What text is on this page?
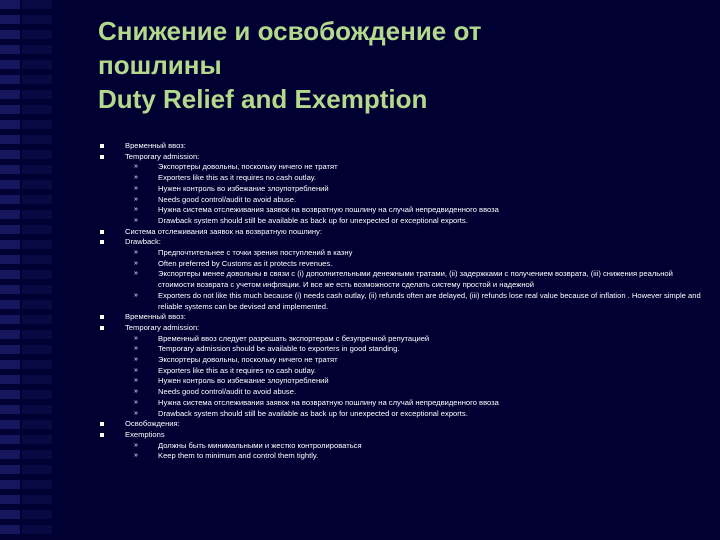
Снижение и освобождение от
пошлины
Duty Relief and Exemption
Временный ввоз:
Temporary admission:
»	Экспортеры довольны, поскольку ничего не тратят
»	Exporters like this as it requires no cash outlay.
»	Нужен контроль во избежание злоупотреблений
»	Needs good control/audit to avoid abuse.
»	Нужна система отслеживания заявок на возвратную пошлину на случай непредвиденного ввоза
»	Drawback system should still be available as back up for unexpected or exceptional exports.
Система отслеживания заявок на возвратную пошлину:
Drawback:
»	Предпочтительнее с точки зрения поступлений в казну
»	Often preferred by Customs as it protects revenues.
»	Экспортеры менее довольны в связи с (i) дополнительными денежными тратами, (ii) задержками с получением возврата, (iii) снижения реальной стоимости возврата с учетом инфляции. И все же есть возможности сделать систему простой и надежной
»	Exporters do not like this much because (i) needs cash outlay, (ii) refunds often are delayed, (iii) refunds lose real value because of inflation . However simple and reliable systems can be devised and implemented.
Временный ввоз:
Temporary admission:
»	Временный ввоз следует разрешать экспортерам с безупречной репутацией
»	Temporary admission should be available to exporters in good standing.
»	Экспортеры довольны, поскольку ничего не тратят
»	Exporters like this as it requires no cash outlay.
»	Нужен контроль во избежание злоупотреблений
»	Needs good control/audit to avoid abuse.
»	Нужна система отслеживания заявок на возвратную пошлину на случай непредвиденного ввоза
»	Drawback system should still be available as back up for unexpected or exceptional exports.
Освобождения:
Exemptions
»	Должны быть минимальными и жестко контролироваться
»	Keep them to minimum and control them tightly.
